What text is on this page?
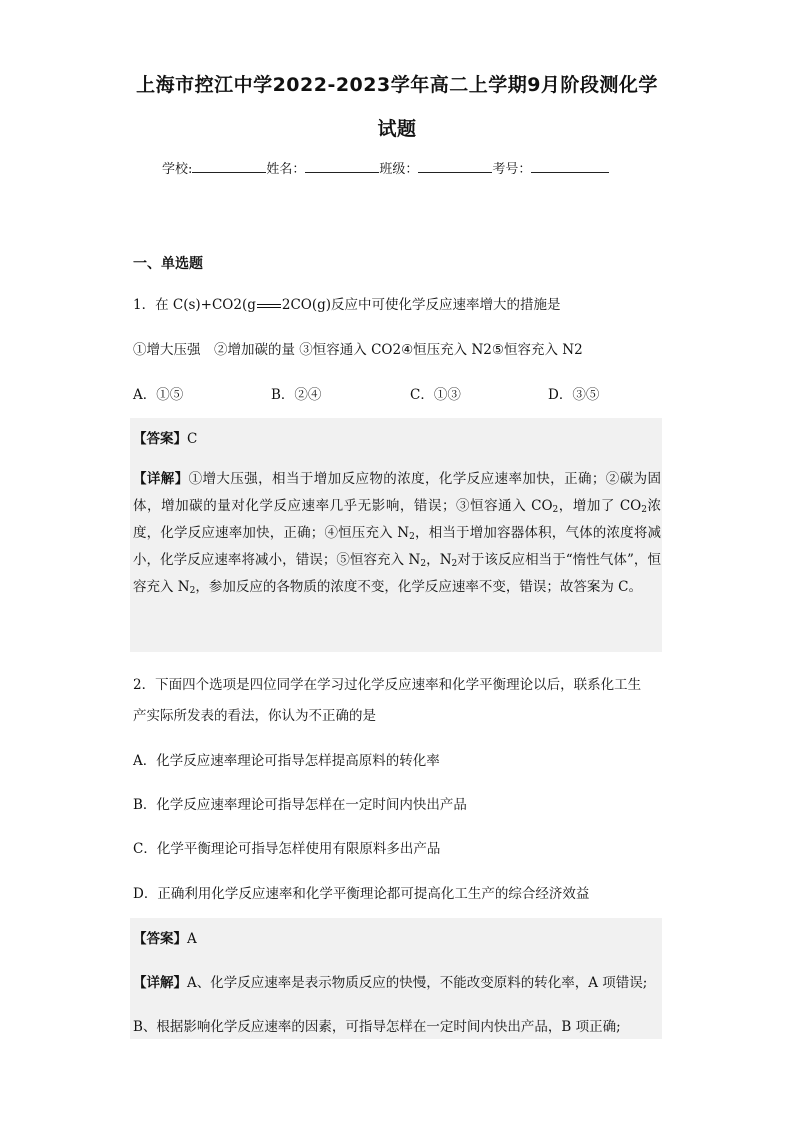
上海市控江中学2022-2023学年高二上学期9月阶段测化学
试题
学校:	姓名：	班级：	考号：
一、单选题
1．在 C(s)+CO2(g 2CO(g)反应中可使化学反应速率增大的措施是
①增大压强　②增加碳的量 ③恒容通入 CO2④恒压充入 N2⑤恒容充入 N2
A．①⑤	B．②④	C．①③	D．③⑤
【答案】C
【详解】①增大压强，相当于增加反应物的浓度，化学反应速率加快，正确；②碳为固体，增加碳的量对化学反应速率几乎无影响，错误；③恒容通入 $CO_2$，增加了 $CO_2$浓度，化学反应速率加快，正确；④恒压充入 $N_2$，相当于增加容器体积，气体的浓度将减小，化学反应速率将减小，错误；⑤恒容充入 $N_2$，$N_2$对于该反应相当于“惰性气体”，恒容充入 $N_2$，参加反应的各物质的浓度不变，化学反应速率不变，错误；故答案为 C。
2．下面四个选项是四位同学在学习过化学反应速率和化学平衡理论以后，联系化工生
产实际所发表的看法，你认为不正确的是
A．化学反应速率理论可指导怎样提高原料的转化率
B．化学反应速率理论可指导怎样在一定时间内快出产品
C．化学平衡理论可指导怎样使用有限原料多出产品
D．正确利用化学反应速率和化学平衡理论都可提高化工生产的综合经济效益
【答案】A
【详解】A、化学反应速率是表示物质反应的快慢，不能改变原料的转化率，A 项错误;
B、根据影响化学反应速率的因素，可指导怎样在一定时间内快出产品，B 项正确;
